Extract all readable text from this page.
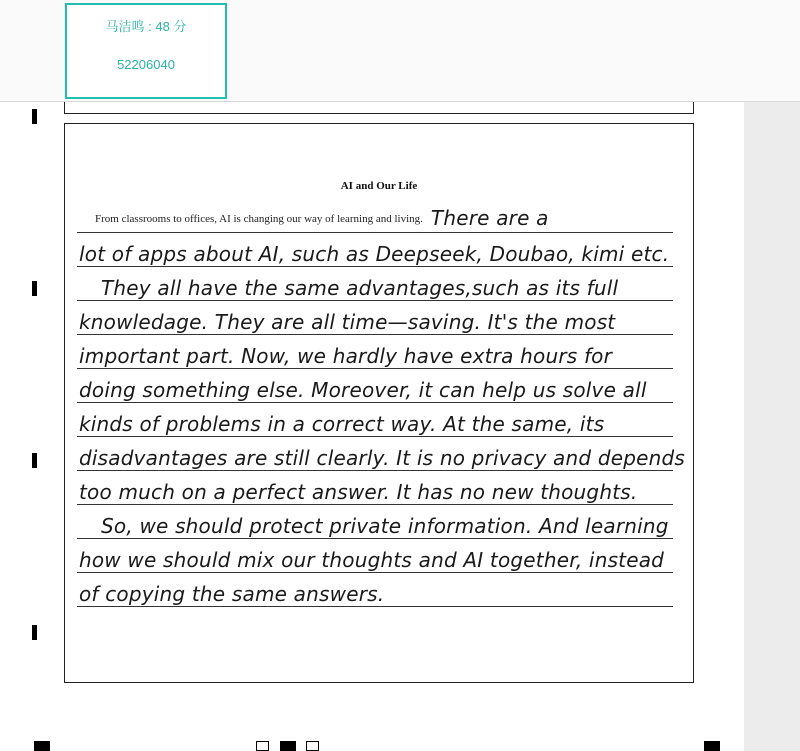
马洁鸣 : 48 分
52206040
AI and Our Life
From classrooms to offices, AI is changing our way of learning and living. There are a
lot of apps about AI, such as Deepseek, Doubao, kimi etc.
They all have the same advantages,such as its full
knowledage. They are all time—saving. It's the most
important part. Now, we hardly have extra hours for
doing something else. Moreover, it can help us solve all
kinds of problems in a correct way. At the same, its
disadvantages are still clearly. It is no privacy and depends
too much on a perfect answer. It has no new thoughts.
So, we should protect private information. And learning
how we should mix our thoughts and AI together, instead
of copying the same answers.
